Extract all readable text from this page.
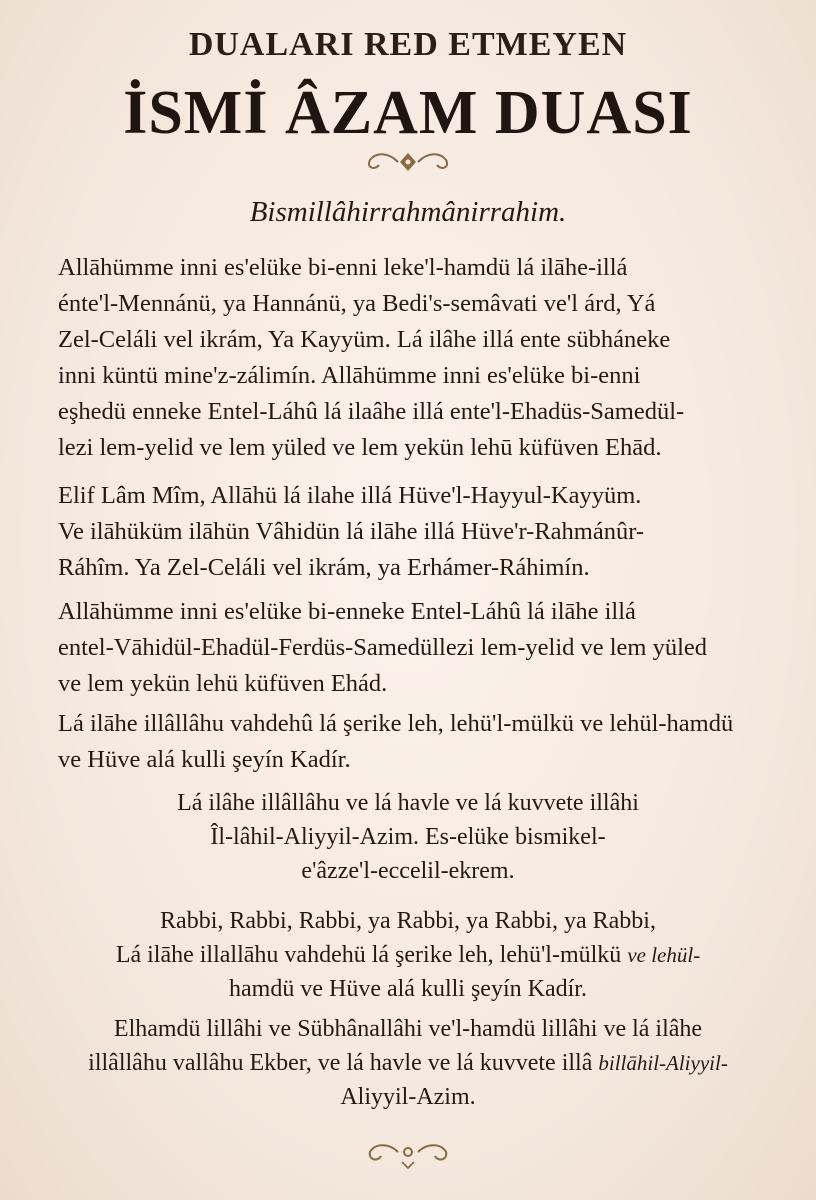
DUALARI RED ETMEYEN
İSMİ ÂZAM DUASI
Bismillâhirrahmânirrahim.
Allāhümme inni es'elüke bi-enni leke'l-hamdü lá ilāhe-illá
énte'l-Mennánü, ya Hannánü, ya Bedi's-semâvati ve'l árd, Yá
Zel-Celáli vel ikrám, Ya Kayyüm. Lá ilâhe illá ente sübháneke
inni küntü mine'z-zálimín. Allāhümme inni es'elüke bi-enni
eşhedü enneke Entel-Láhû lá ilaâhe illá ente'l-Ehadüs-Samedül-
lezi lem-yelid ve lem yüled ve lem yekün lehū küfüven Ehād.
Elif Lâm Mîm, Allāhü lá ilahe illá Hüve'l-Hayyul-Kayyüm.
Ve ilāhüküm ilāhün Vâhidün lá ilāhe illá Hüve'r-Rahmánûr-
Ráhîm. Ya Zel-Celáli vel ikrám, ya Erhámer-Ráhimín.
Allāhümme inni es'elüke bi-enneke Entel-Láhû lá ilāhe illá
entel-Vāhidül-Ehadül-Ferdüs-Samedüllezi lem-yelid ve lem yüled
ve lem yekün lehü küfüven Ehád.
Lá ilāhe illâllâhu vahdehû lá şerike leh, lehü'l-mülkü ve lehül-hamdü
ve Hüve alá kulli şeyín Kadír.
Lá ilâhe illâllâhu ve lá havle ve lá kuvvete illâhi
Îl-lâhil-Aliyyil-Azim. Es-elüke bismikel-
e'âzze'l-eccelil-ekrem.
Rabbi, Rabbi, Rabbi, ya Rabbi, ya Rabbi, ya Rabbi,
Lá ilāhe illallāhu vahdehü lá şerike leh, lehü'l-mülkü ve lehül-
hamdü ve Hüve alá kulli şeyín Kadír.
Elhamdü lillâhi ve Sübhânallâhi ve'l-hamdü lillâhi ve lá ilâhe
illâllâhu vallâhu Ekber, ve lá havle ve lá kuvvete illâ billāhil-Aliyyil-
Aliyyil-Azim.
